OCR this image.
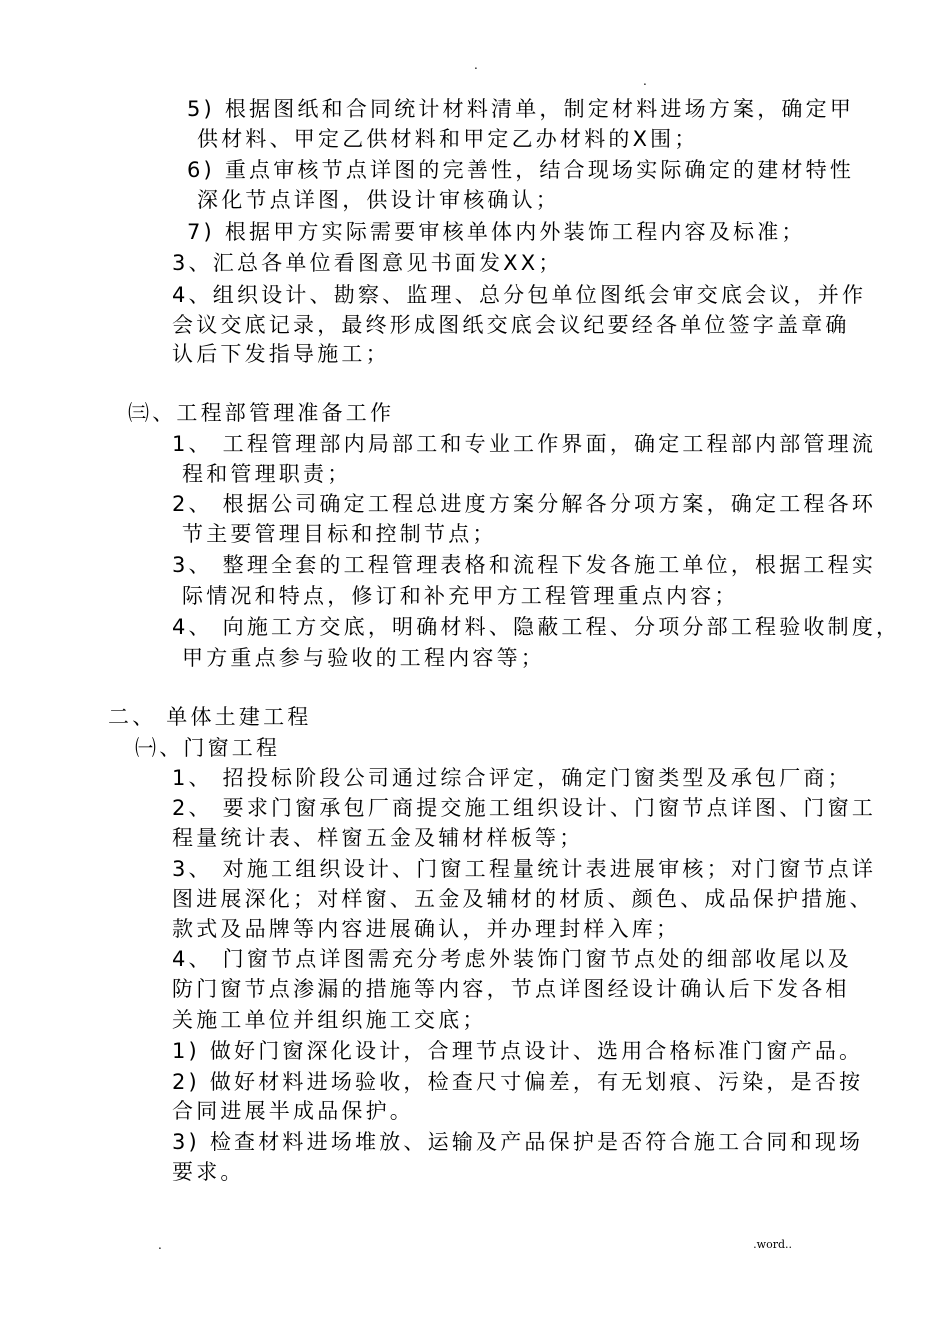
.
.
5) 根据图纸和合同统计材料清单，制定材料进场方案，确定甲
供材料、甲定乙供材料和甲定乙办材料的X围；
6) 重点审核节点详图的完善性，结合现场实际确定的建材特性
深化节点详图，供设计审核确认；
7) 根据甲方实际需要审核单体内外装饰工程内容及标准；
3、汇总各单位看图意见书面发XX；
4、组织设计、勘察、监理、总分包单位图纸会审交底会议，并作
会议交底记录，最终形成图纸交底会议纪要经各单位签字盖章确
认后下发指导施工；
㈢、工程部管理准备工作
1、 工程管理部内局部工和专业工作界面，确定工程部内部管理流
程和管理职责；
2、 根据公司确定工程总进度方案分解各分项方案，确定工程各环
节主要管理目标和控制节点；
3、 整理全套的工程管理表格和流程下发各施工单位，根据工程实
际情况和特点，修订和补充甲方工程管理重点内容；
4、 向施工方交底，明确材料、隐蔽工程、分项分部工程验收制度，
甲方重点参与验收的工程内容等；
二、 单体土建工程
㈠、门窗工程
1、 招投标阶段公司通过综合评定，确定门窗类型及承包厂商；
2、 要求门窗承包厂商提交施工组织设计、门窗节点详图、门窗工
程量统计表、样窗五金及辅材样板等；
3、 对施工组织设计、门窗工程量统计表进展审核；对门窗节点详
图进展深化；对样窗、五金及辅材的材质、颜色、成品保护措施、
款式及品牌等内容进展确认，并办理封样入库；
4、 门窗节点详图需充分考虑外装饰门窗节点处的细部收尾以及
防门窗节点渗漏的措施等内容，节点详图经设计确认后下发各相
关施工单位并组织施工交底；
1) 做好门窗深化设计，合理节点设计、选用合格标准门窗产品。
2) 做好材料进场验收，检查尺寸偏差，有无划痕、污染，是否按
合同进展半成品保护。
3) 检查材料进场堆放、运输及产品保护是否符合施工合同和现场
要求。
.	.word..
